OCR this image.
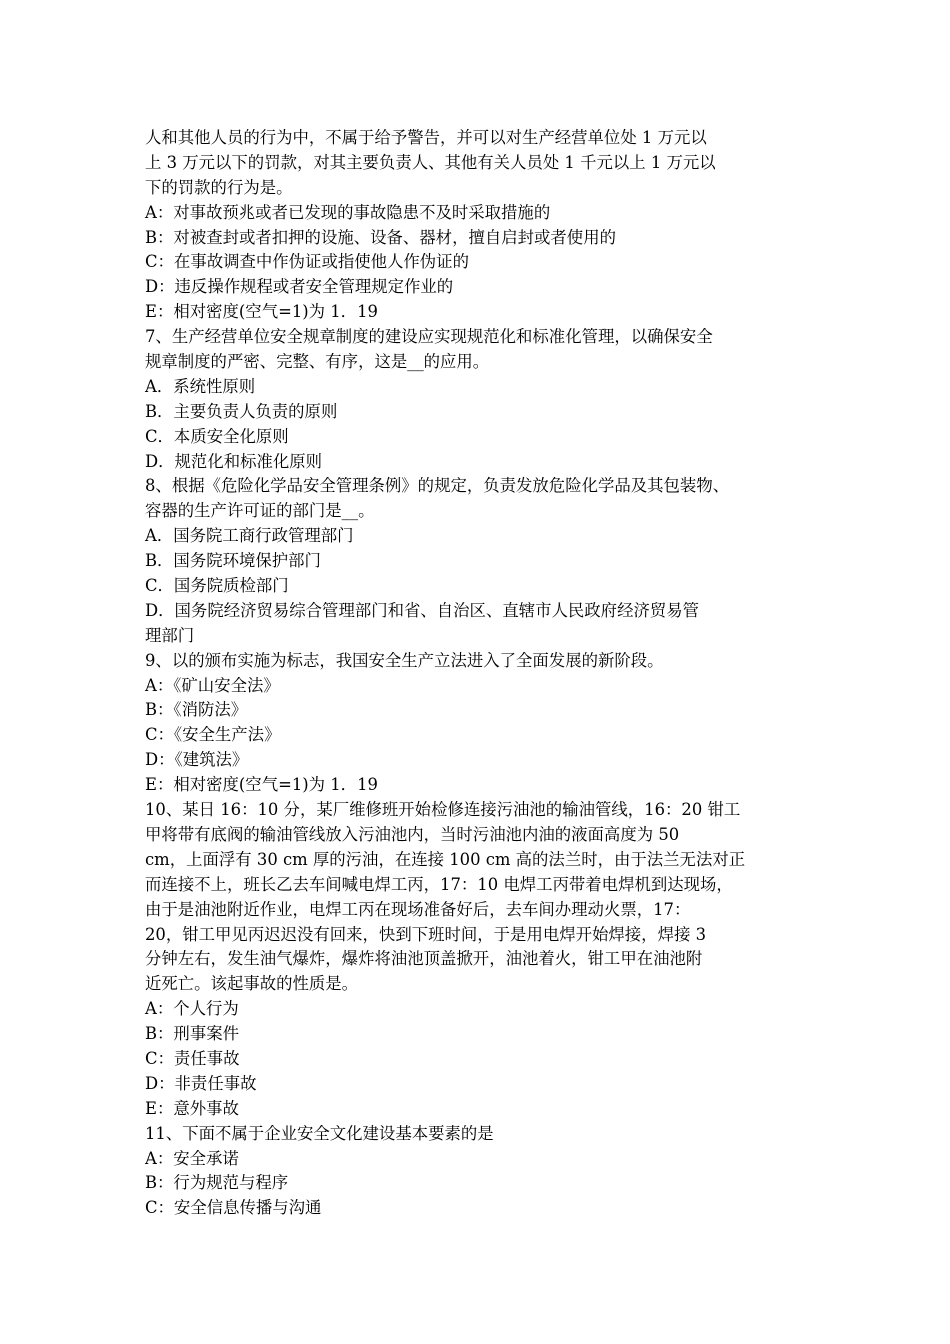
人和其他人员的行为中，不属于给予警告，并可以对生产经营单位处 1 万元以
上 3 万元以下的罚款，对其主要负责人、其他有关人员处 1 千元以上 1 万元以
下的罚款的行为是。
A：对事故预兆或者已发现的事故隐患不及时采取措施的
B：对被查封或者扣押的设施、设备、器材，擅自启封或者使用的
C：在事故调查中作伪证或指使他人作伪证的
D：违反操作规程或者安全管理规定作业的
E：相对密度(空气=1)为 1．19
7、生产经营单位安全规章制度的建设应实现规范化和标准化管理，以确保安全
规章制度的严密、完整、有序，这是__的应用。
A．系统性原则
B．主要负责人负责的原则
C．本质安全化原则
D．规范化和标准化原则
8、根据《危险化学品安全管理条例》的规定，负责发放危险化学品及其包装物、
容器的生产许可证的部门是__。
A．国务院工商行政管理部门
B．国务院环境保护部门
C．国务院质检部门
D．国务院经济贸易综合管理部门和省、自治区、直辖市人民政府经济贸易管
理部门
9、以的颁布实施为标志，我国安全生产立法进入了全面发展的新阶段。
A：《矿山安全法》
B：《消防法》
C：《安全生产法》
D：《建筑法》
E：相对密度(空气=1)为 1．19
10、某日 16：10 分，某厂维修班开始检修连接污油池的输油管线，16：20 钳工
甲将带有底阀的输油管线放入污油池内，当时污油池内油的液面高度为 50
cm，上面浮有 30 cm 厚的污油，在连接 100 cm 高的法兰时，由于法兰无法对正
而连接不上，班长乙去车间喊电焊工丙，17：10 电焊工丙带着电焊机到达现场，
由于是油池附近作业，电焊工丙在现场准备好后，去车间办理动火票，17：
20，钳工甲见丙迟迟没有回来，快到下班时间，于是用电焊开始焊接，焊接 3
分钟左右，发生油气爆炸，爆炸将油池顶盖掀开，油池着火，钳工甲在油池附
近死亡。该起事故的性质是。
A：个人行为
B：刑事案件
C：责任事故
D：非责任事故
E：意外事故
11、下面不属于企业安全文化建设基本要素的是
A：安全承诺
B：行为规范与程序
C：安全信息传播与沟通
